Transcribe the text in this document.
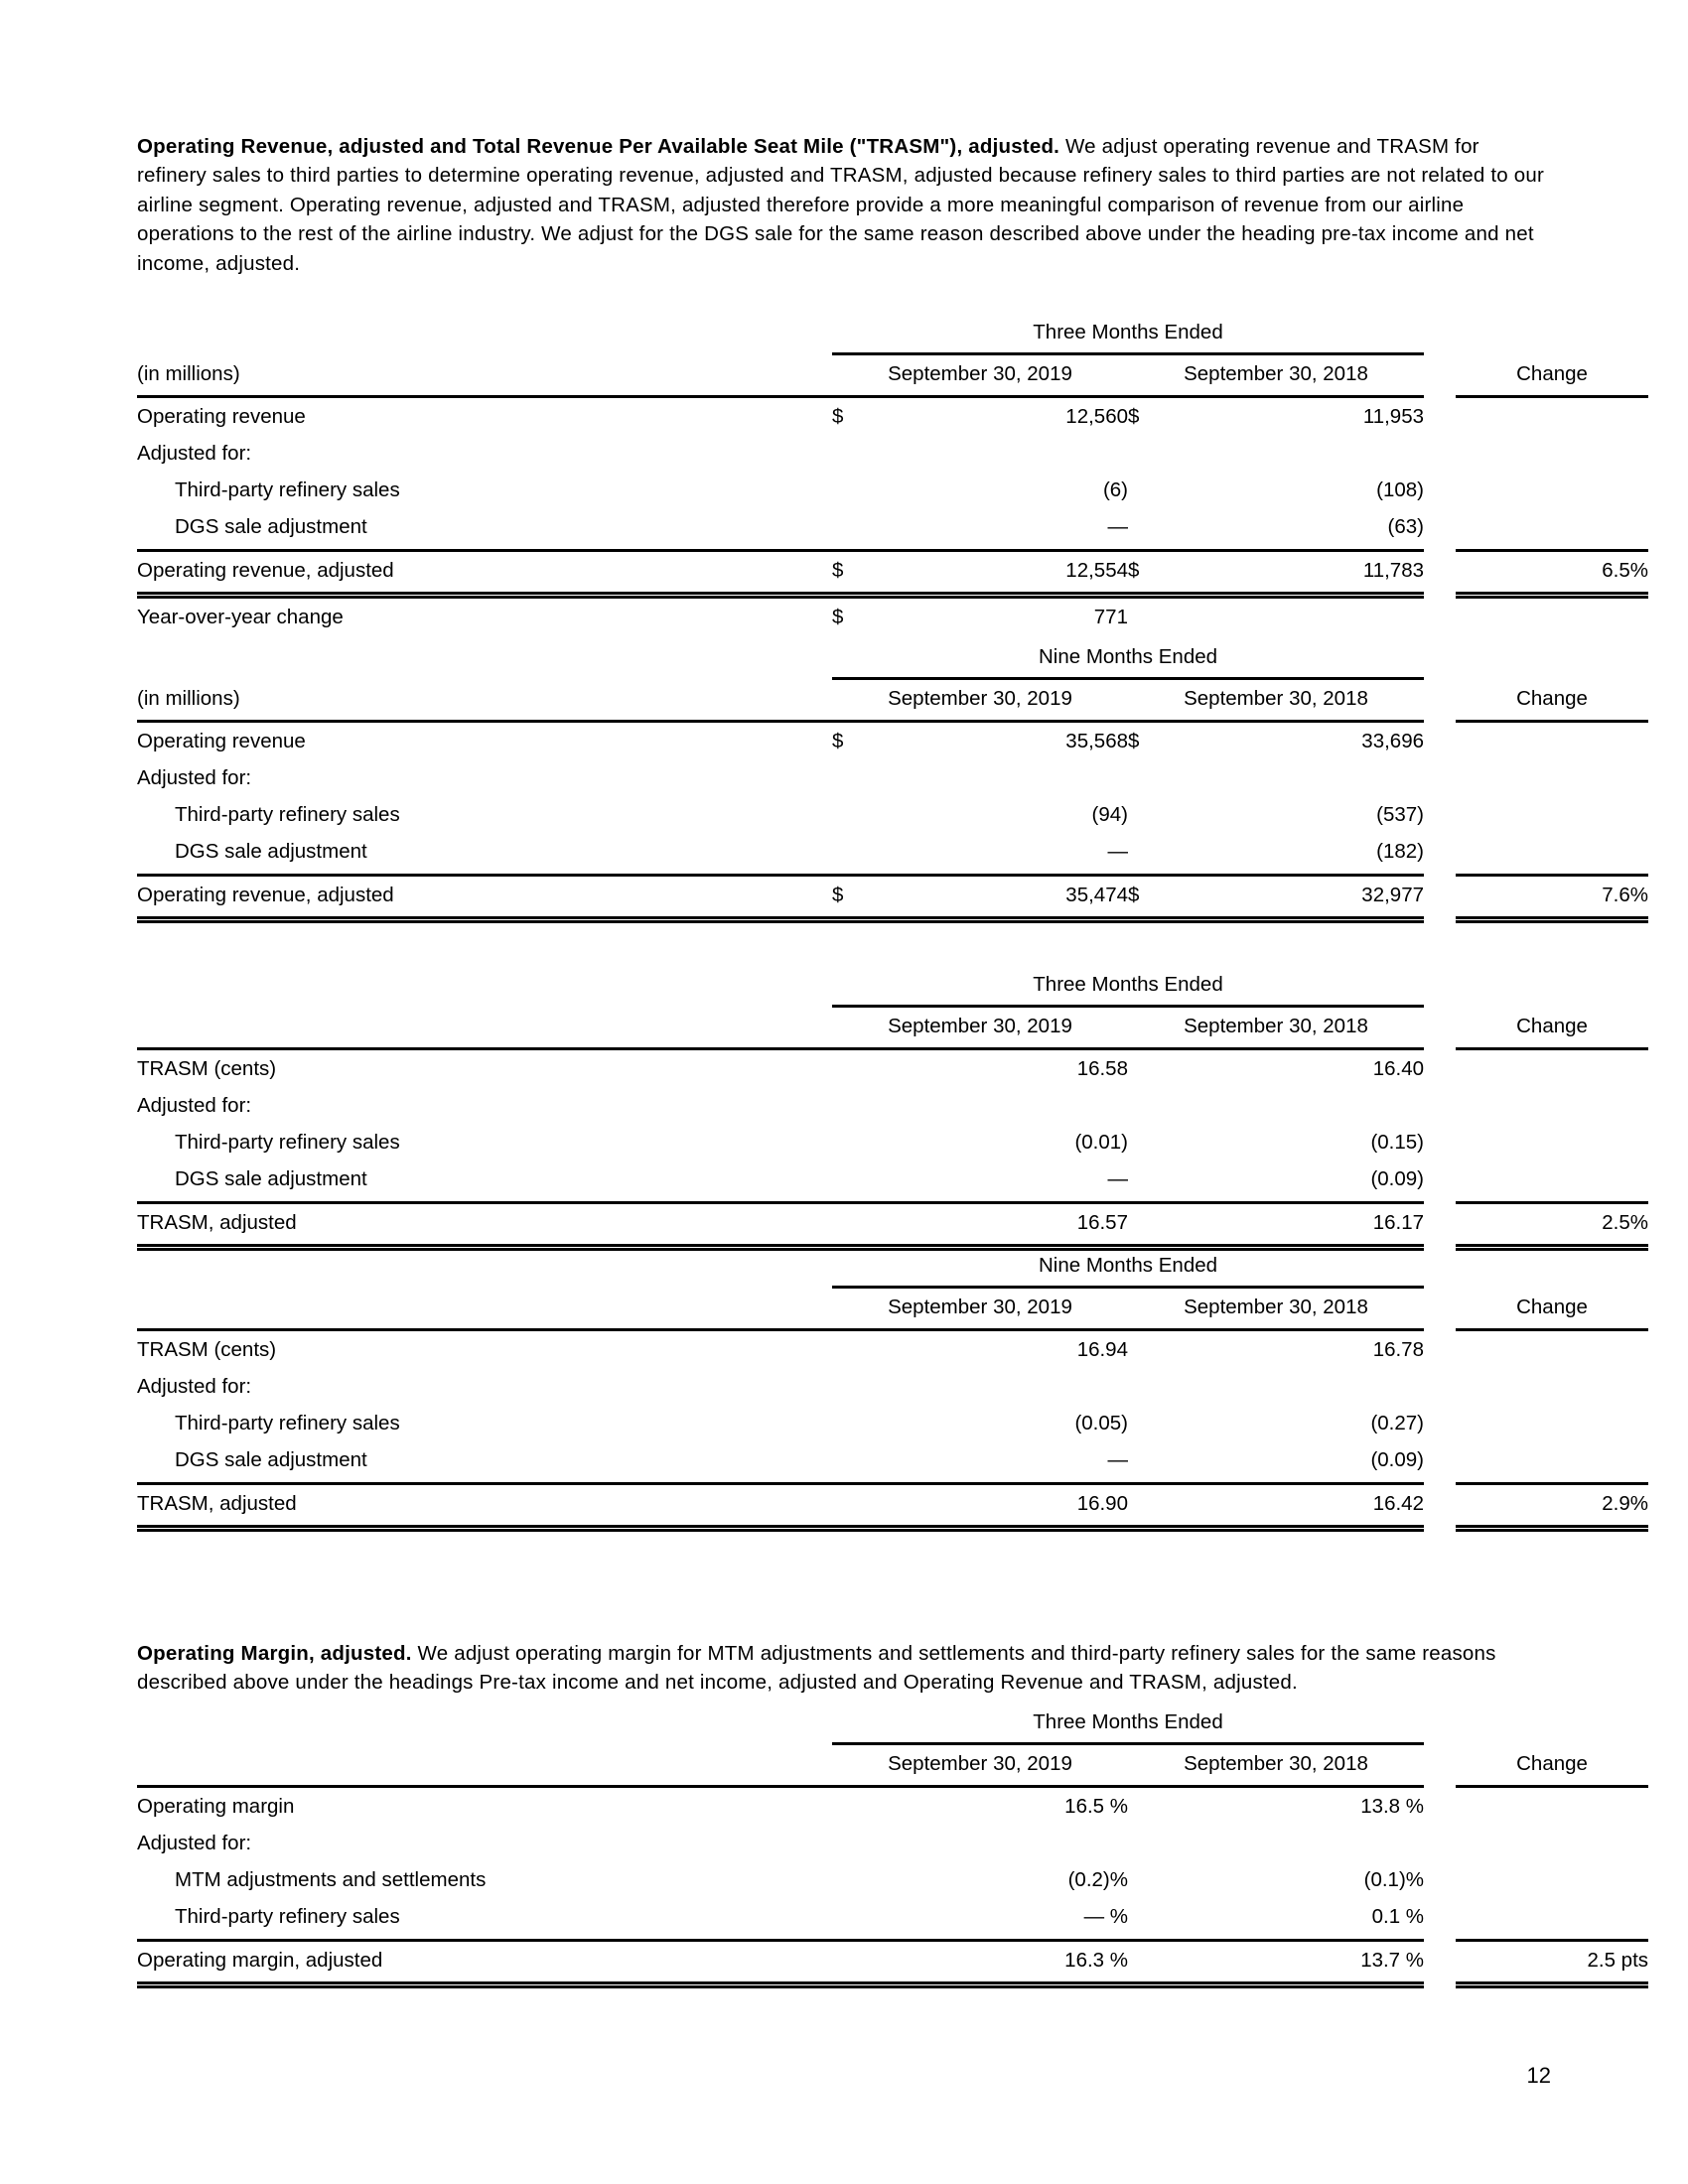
Operating Revenue, adjusted and Total Revenue Per Available Seat Mile ("TRASM"), adjusted. We adjust operating revenue and TRASM for refinery sales to third parties to determine operating revenue, adjusted and TRASM, adjusted because refinery sales to third parties are not related to our airline segment. Operating revenue, adjusted and TRASM, adjusted therefore provide a more meaningful comparison of revenue from our airline operations to the rest of the airline industry. We adjust for the DGS sale for the same reason described above under the heading pre-tax income and net income, adjusted.

	Three Months Ended					

(in millions)	September 30, 2019		September 30, 2018			Change

Operating revenue	$	12,560	$	11,953		
Adjusted for:						
Third-party refinery sales		(6)		(108)		
DGS sale adjustment		—		(63)		

Operating revenue, adjusted	$	12,554	$	11,783		6.5%

Year-over-year change	$	771				
	Nine Months Ended					

(in millions)	September 30, 2019		September 30, 2018			Change

Operating revenue	$	35,568	$	33,696		
Adjusted for:						
Third-party refinery sales		(94)		(537)		
DGS sale adjustment		—		(182)		

Operating revenue, adjusted	$	35,474	$	32,977		7.6%

	Three Months Ended					

	September 30, 2019		September 30, 2018			Change

TRASM (cents)		16.58		16.40		
Adjusted for:						
Third-party refinery sales		(0.01)		(0.15)		
DGS sale adjustment		—		(0.09)		

TRASM, adjusted		16.57		16.17		2.5%

	Nine Months Ended					

	September 30, 2019		September 30, 2018			Change

TRASM (cents)		16.94		16.78		
Adjusted for:						
Third-party refinery sales		(0.05)		(0.27)		
DGS sale adjustment		—		(0.09)		

TRASM, adjusted		16.90		16.42		2.9%

Operating Margin, adjusted. We adjust operating margin for MTM adjustments and settlements and third-party refinery sales for the same reasons described above under the headings Pre-tax income and net income, adjusted and Operating Revenue and TRASM, adjusted.

	Three Months Ended					

	September 30, 2019		September 30, 2018			Change

Operating margin		16.5 %		13.8 %		
Adjusted for:						
MTM adjustments and settlements		(0.2)%		(0.1)%		
Third-party refinery sales		— %		0.1 %		

Operating margin, adjusted		16.3 %		13.7 %		2.5 pts

12
